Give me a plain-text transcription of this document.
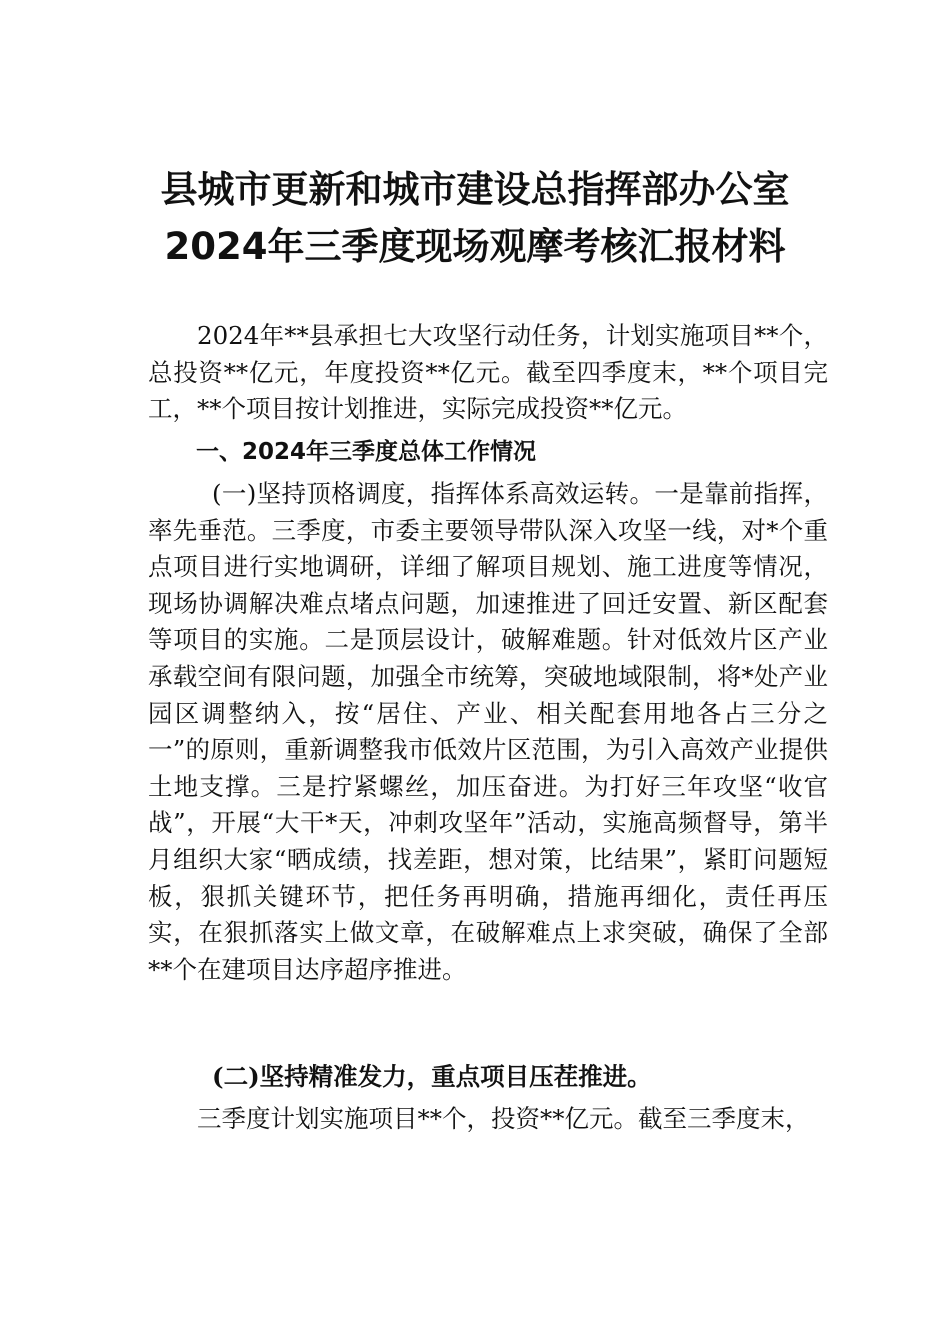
县城市更新和城市建设总指挥部办公室
2024年三季度现场观摩考核汇报材料
2024年**县承担七大攻坚行动任务，计划实施项目**个，总投资**亿元，年度投资**亿元。截至四季度末，**个项目完工，**个项目按计划推进，实际完成投资**亿元。
一、2024年三季度总体工作情况
(一)坚持顶格调度，指挥体系高效运转。一是靠前指挥，率先垂范。三季度，市委主要领导带队深入攻坚一线，对*个重点项目进行实地调研，详细了解项目规划、施工进度等情况，现场协调解决难点堵点问题，加速推进了回迁安置、新区配套等项目的实施。二是顶层设计，破解难题。针对低效片区产业承载空间有限问题，加强全市统筹，突破地域限制，将*处产业园区调整纳入，按“居住、产业、相关配套用地各占三分之一”的原则，重新调整我市低效片区范围，为引入高效产业提供土地支撑。三是拧紧螺丝，加压奋进。为打好三年攻坚“收官战”，开展“大干*天，冲刺攻坚年”活动，实施高频督导，第半月组织大家“晒成绩，找差距，想对策，比结果”，紧盯问题短板，狠抓关键环节，把任务再明确，措施再细化，责任再压实，在狠抓落实上做文章，在破解难点上求突破，确保了全部**个在建项目达序超序推进。
(二)坚持精准发力，重点项目压茬推进。
三季度计划实施项目**个，投资**亿元。截至三季度末，
